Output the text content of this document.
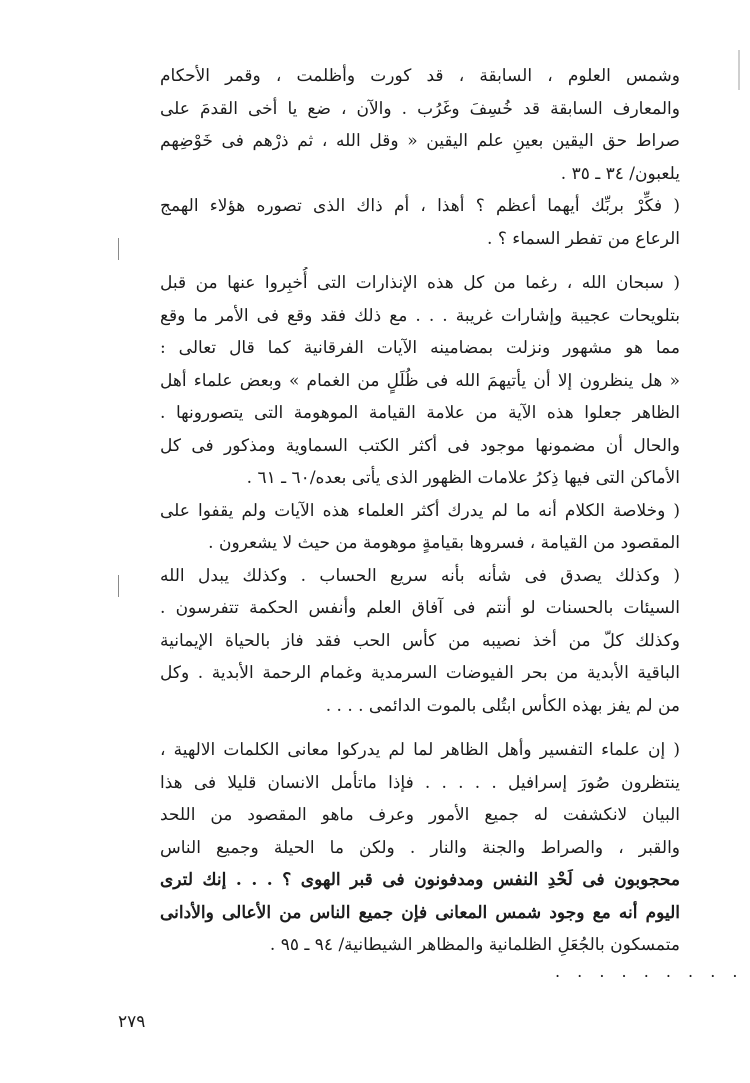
وشمس العلوم ، السابقة ، قد كورت وأظلمت ، وقمر الأحكام
والمعارف السابقة قد خُسِفَ وغَرُب . والآن ، ضع يا أخى القدمَ على
صراط حق اليقين بعينِ علم اليقين « وقل الله ، ثم ذرْهم فى خَوْضِهم
يلعبون/ ٣٤ ـ ٣٥ .
( فكِّرْ بربِّك أيهما أعظم ؟ أهذا ، أم ذاك الذى تصوره هؤلاء الهمج
الرعاع من تفطر السماء ؟ .
( سبحان الله ، رغما من كل هذه الإنذارات التى أُخبِروا عنها من قبل
بتلويحات عجيبة وإشارات غريبة . . . مع ذلك فقد وقع فى الأمر ما وقع
مما هو مشهور ونزلت بمضامينه الآيات الفرقانية كما قال تعالى :
« هل ينظرون إلا أن يأتيهمَ الله فى ظُلَلٍ من الغمام » وبعض علماء أهل
الظاهر جعلوا هذه الآية من علامة القيامة الموهومة التى يتصورونها .
والحال أن مضمونها موجود فى أكثر الكتب السماوية ومذكور فى كل
الأماكن التى فيها ذِكرُ علامات الظهور الذى يأتى بعده/٦٠ ـ ٦١ .
( وخلاصة الكلام أنه ما لم يدرك أكثر العلماء هذه الآيات ولم يقفوا على
المقصود من القيامة ، فسروها بقيامةٍ موهومة من حيث لا يشعرون .
( وكذلك يصدق فى شأنه بأنه سريع الحساب . وكذلك يبدل الله
السيئات بالحسنات لو أنتم فى آفاق العلم وأنفس الحكمة تتفرسون .
وكذلك كلّ من أخذ نصيبه من كأس الحب فقد فاز بالحياة الإيمانية
الباقية الأبدية من بحر الفيوضات السرمدية وغمام الرحمة الأبدية . وكل
من لم يفز بهذه الكأس ابتُلى بالموت الدائمى . . . .
( إن علماء التفسير وأهل الظاهر لما لم يدركوا معانى الكلمات الالهية ،
ينتظرون صُورَ إسرافيل . . . . . فإذا ماتأمل الانسان قليلا فى هذا
البيان لانكشفت له جميع الأمور وعرف ماهو المقصود من اللحد
والقبر ، والصراط والجنة والنار . ولكن ما الحيلة وجميع الناس
محجوبون فى لَحْدِ النفس ومدفونون فى قبر الهوى ؟ . . . إنك لترى
اليوم أنه مع وجود شمس المعانى فإن جميع الناس من الأعالى والأدانى
متمسكون بالجُعَلِ الظلمانية والمظاهر الشيطانية/ ٩٤ ـ ٩٥ .
. . . . . . . . .
٢٧٩
